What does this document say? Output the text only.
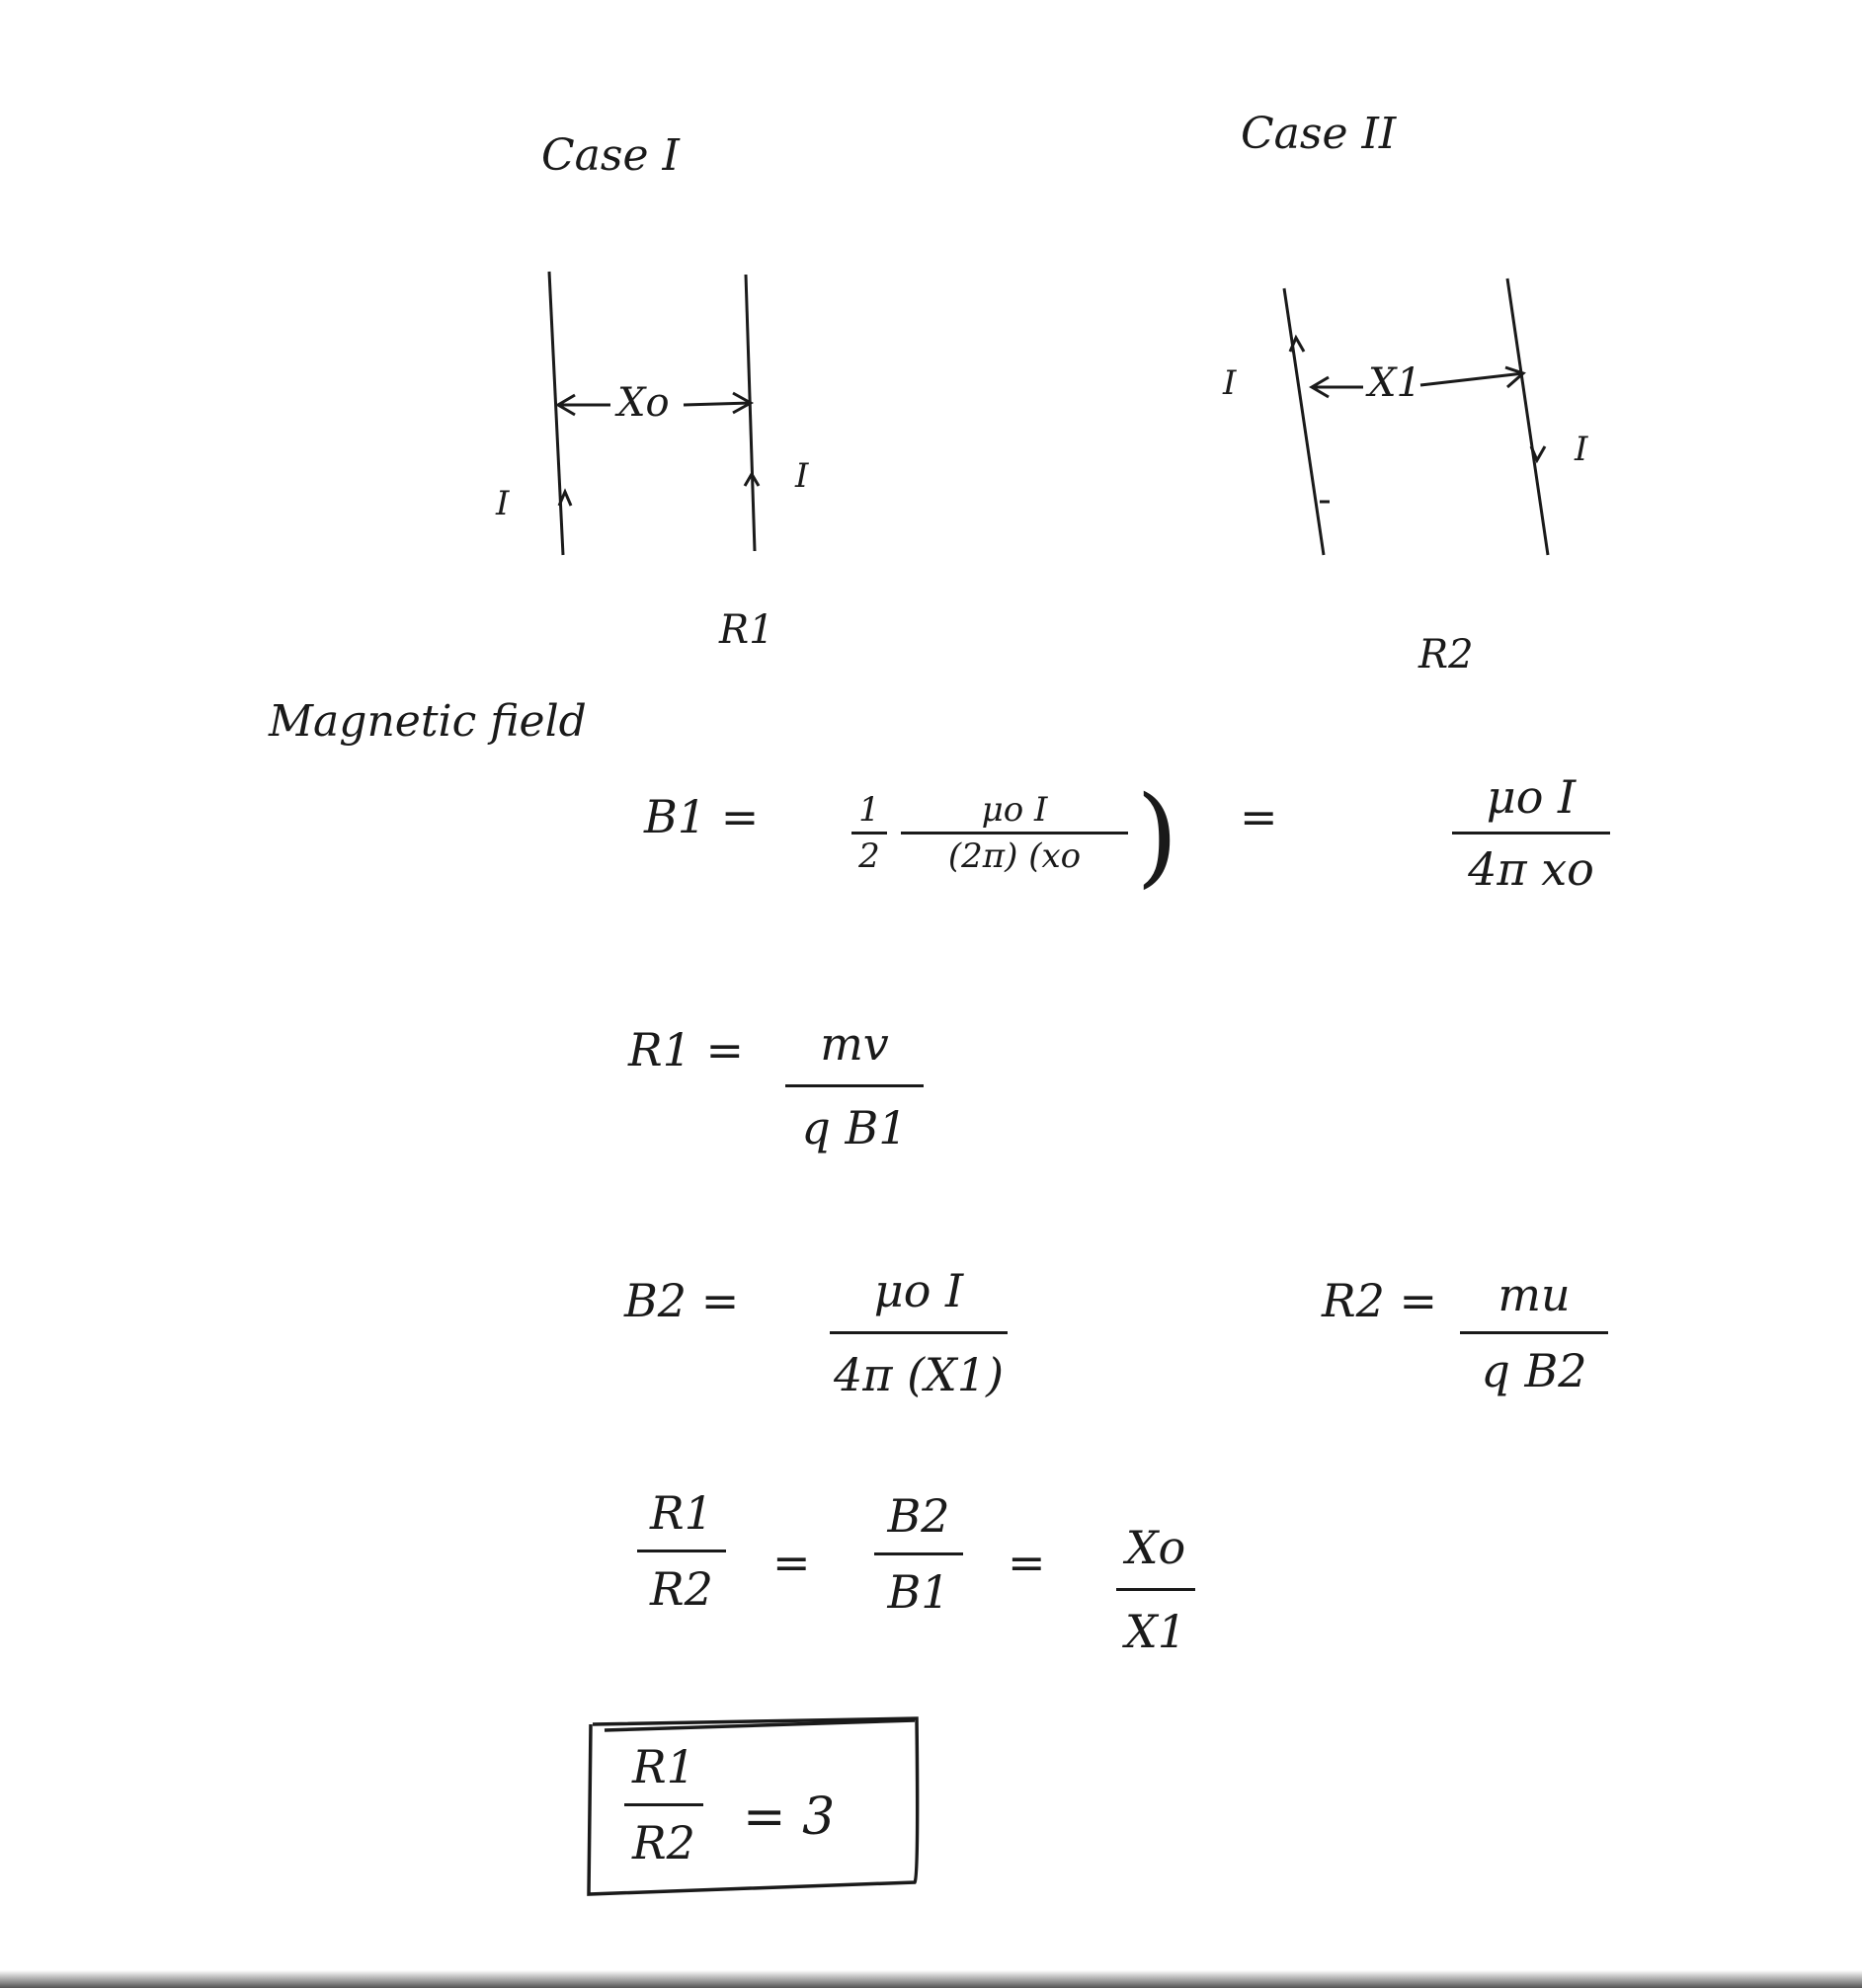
Case I
Xo
I
I
R1
Case II
X1
I
I
R2
Magnetic field
B1 =	1
2
μo I
(2π) (xo ) =	μo I
4π xo
R1 =	mv
q B1
B2 =	μo I
4π (X1)
R2 =	mu
q B2
R1
R2 =
B2
B1
= Xo
X1
R1
R2 = 3
